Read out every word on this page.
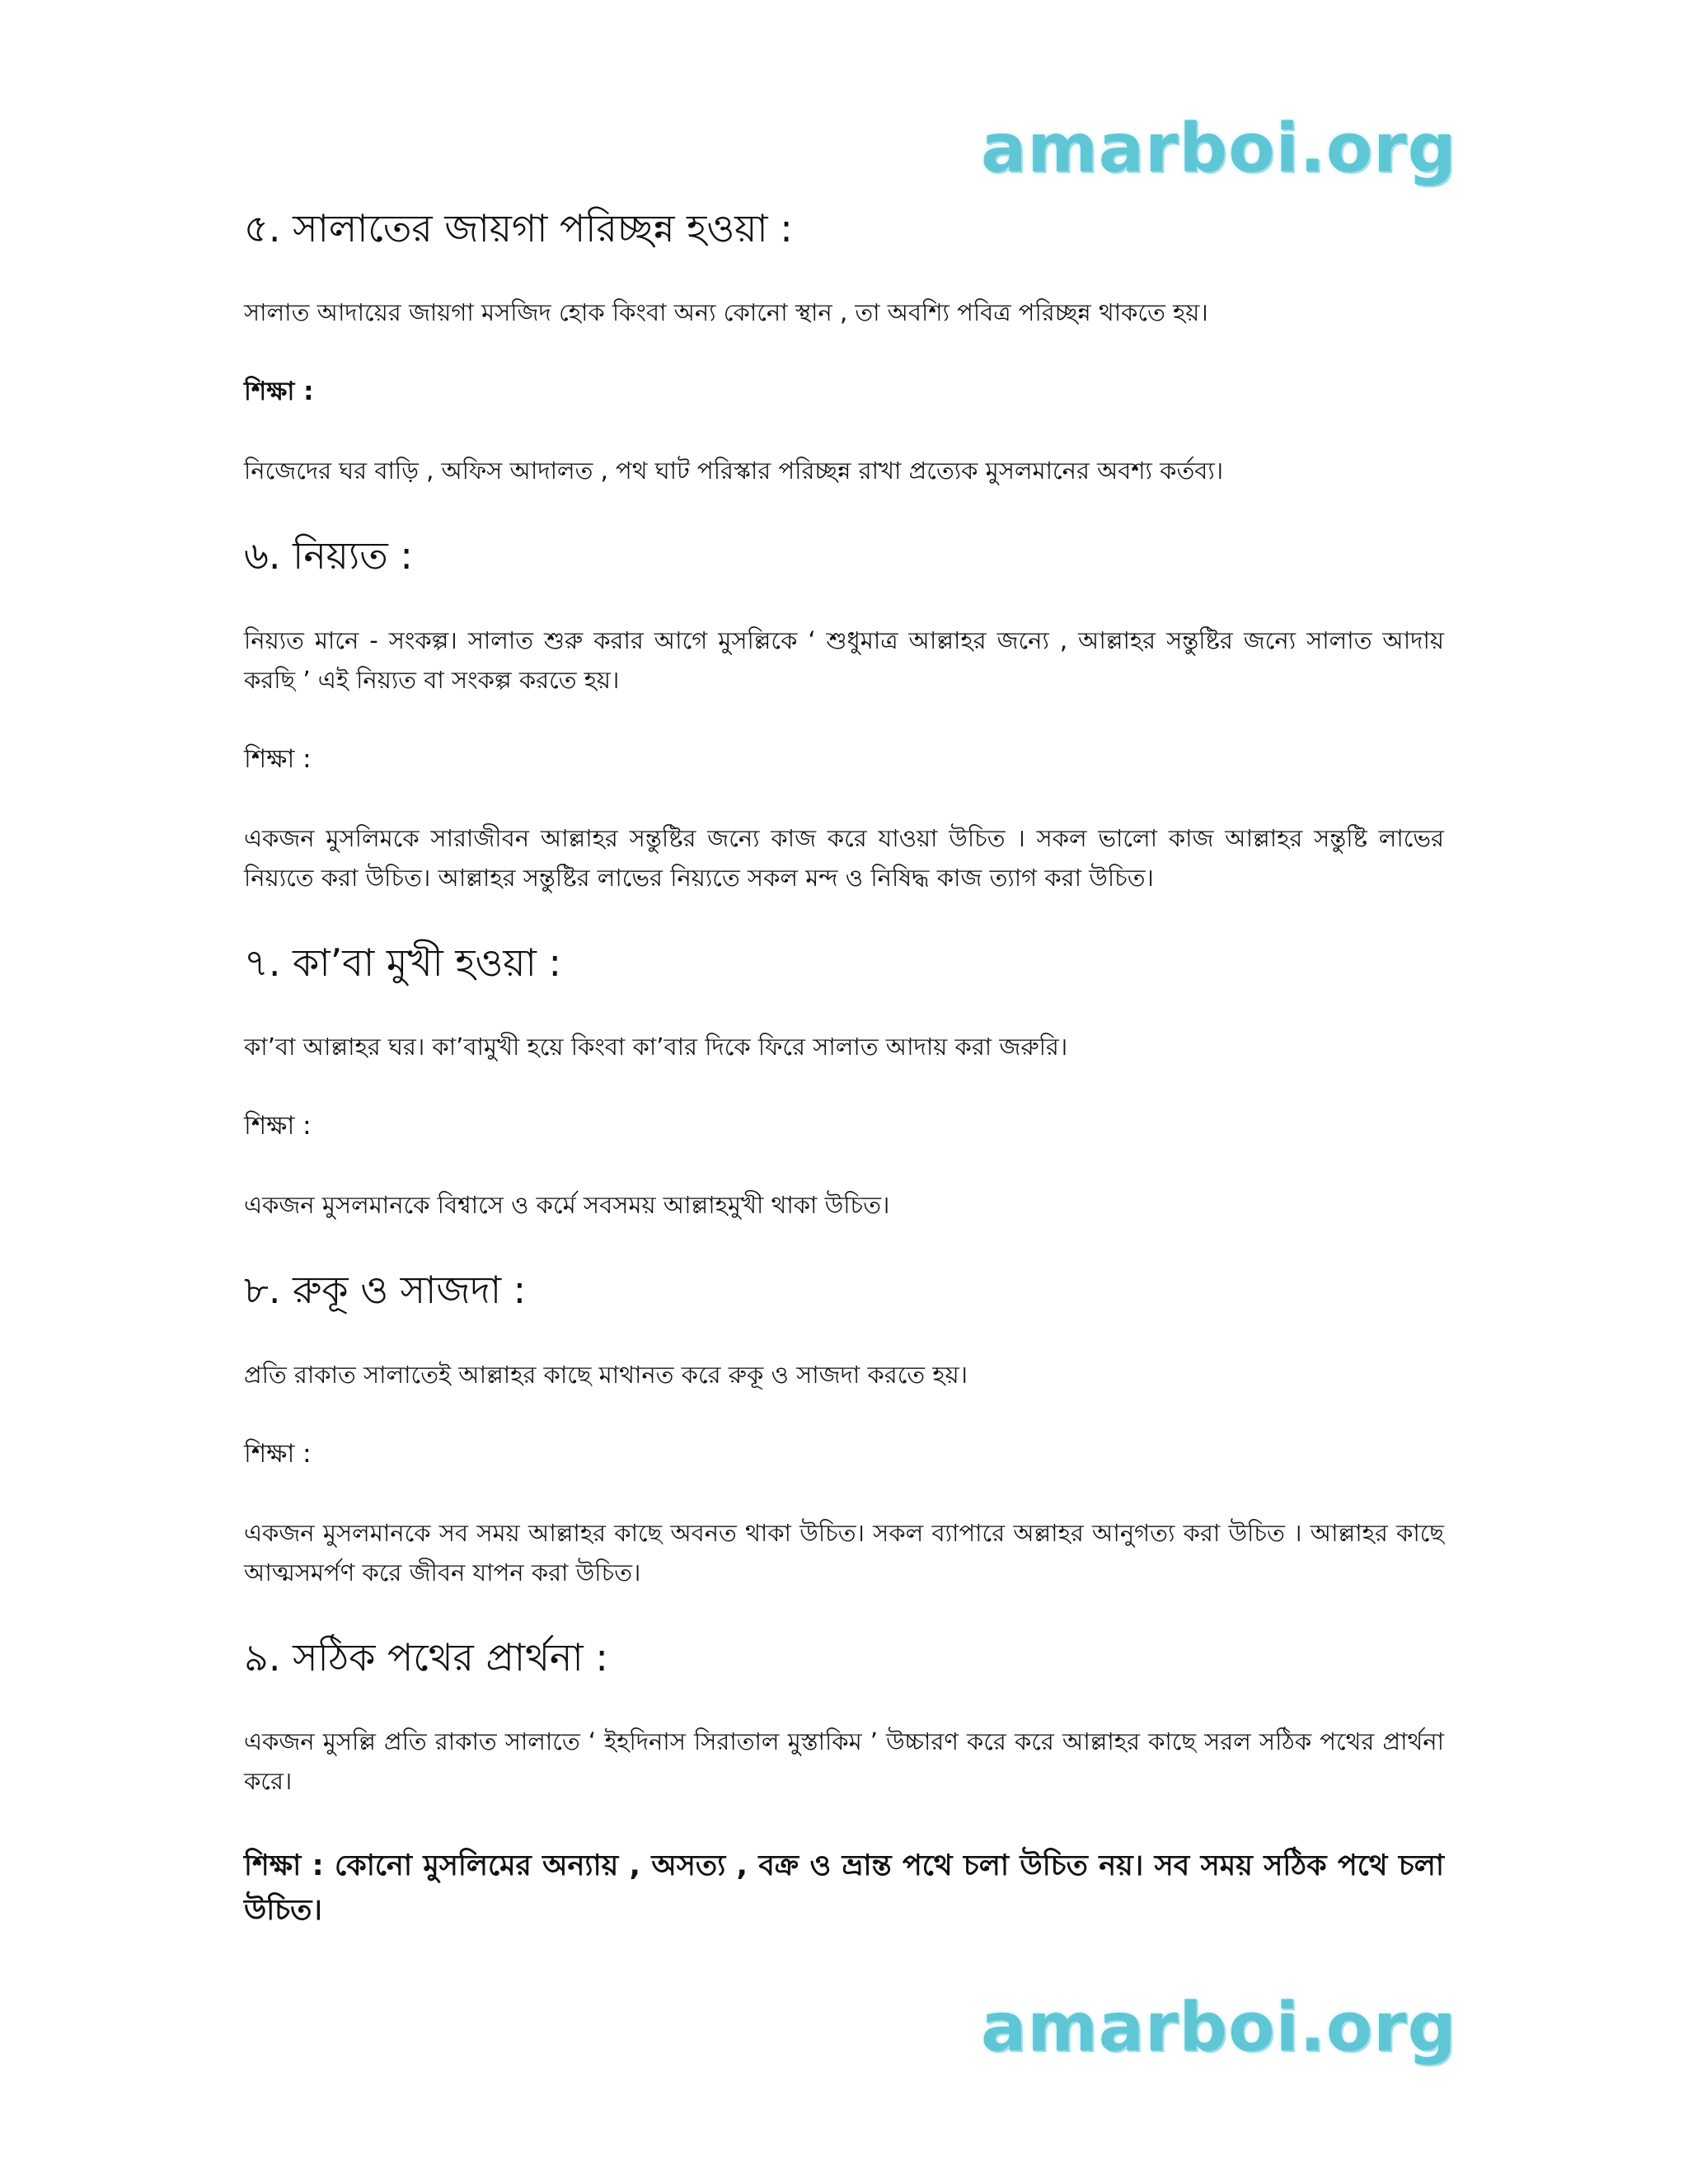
amarboi.org
৫. সালাতের জায়গা পরিচ্ছন্ন হওয়া :

সালাত আদায়ের জায়গা মসজিদ হোক কিংবা অন্য কোনো স্থান , তা অবশ্যি পবিত্র পরিচ্ছন্ন থাকতে হয়।

শিক্ষা :

নিজেদের ঘর বাড়ি , অফিস আদালত , পথ ঘাট পরিস্কার পরিচ্ছন্ন রাখা প্রত্যেক মুসলমানের অবশ্য কর্তব্য।

৬. নিয়্যত :

নিয়্যত মানে - সংকল্প। সালাত শুরু করার আগে মুসল্লিকে ‘ শুধুমাত্র আল্লাহর জন্যে , আল্লাহর সন্তুষ্টির জন্যে সালাত আদায় করছি ’ এই নিয়্যত বা সংকল্প করতে হয়।

শিক্ষা :

একজন মুসলিমকে সারাজীবন আল্লাহর সন্তুষ্টির জন্যে কাজ করে যাওয়া উচিত । সকল ভালো কাজ আল্লাহর সন্তুষ্টি লাভের নিয়্যতে করা উচিত। আল্লাহর সন্তুষ্টির লাভের নিয়্যতে সকল মন্দ ও নিষিদ্ধ কাজ ত্যাগ করা উচিত।

৭. কা’বা মুখী হওয়া :

কা’বা আল্লাহর ঘর। কা’বামুখী হয়ে কিংবা কা’বার দিকে ফিরে সালাত আদায় করা জরুরি।

শিক্ষা :

একজন মুসলমানকে বিশ্বাসে ও কর্মে সবসময় আল্লাহমুখী থাকা উচিত।

৮. রুকূ ও সাজদা :

প্রতি রাকাত সালাতেই আল্লাহর কাছে মাথানত করে রুকূ ও সাজদা করতে হয়।

শিক্ষা :

একজন মুসলমানকে সব সময় আল্লাহর কাছে অবনত থাকা উচিত। সকল ব্যাপারে অল্লাহর আনুগত্য করা উচিত । আল্লাহর কাছে আত্মসমর্পণ করে জীবন যাপন করা উচিত।

৯. সঠিক পথের প্রার্থনা :

একজন মুসল্লি প্রতি রাকাত সালাতে ‘ ইহদিনাস সিরাতাল মুস্তাকিম ’ উচ্চারণ করে করে আল্লাহর কাছে সরল সঠিক পথের প্রার্থনা করে।

শিক্ষা : কোনো মুসলিমের অন্যায় , অসত্য , বক্র ও ভ্রান্ত পথে চলা উচিত নয়। সব সময় সঠিক পথে চলা উচিত।

amarboi.org
